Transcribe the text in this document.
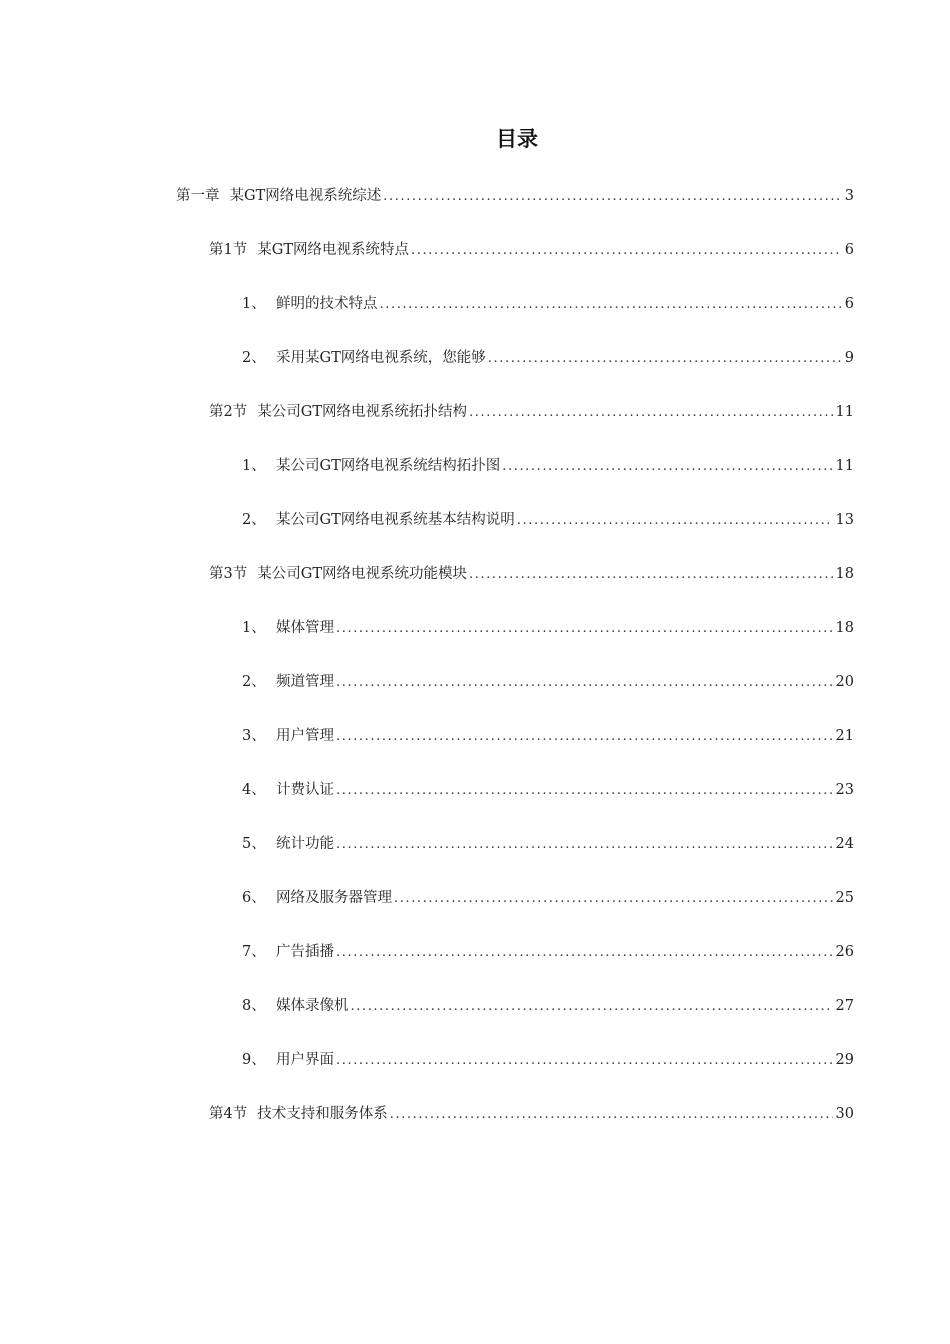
目录
第一章 某GT网络电视系统综述 .....	3
第1节 某GT网络电视系统特点 .....	6
1、 鲜明的技术特点 .....	6
2、 采用某GT网络电视系统，您能够 .....	9
第2节 某公司GT网络电视系统拓扑结构 .....	11
1、 某公司GT网络电视系统结构拓扑图 .....	11
2、 某公司GT网络电视系统基本结构说明 .....	13
第3节 某公司GT网络电视系统功能模块 .....	18
1、 媒体管理 .....	18
2、 频道管理 .....	20
3、 用户管理 .....	21
4、 计费认证 .....	23
5、 统计功能 .....	24
6、 网络及服务器管理 .....	25
7、 广告插播 .....	26
8、 媒体录像机 .....	27
9、 用户界面 .....	29
第4节 技术支持和服务体系 .....	30
